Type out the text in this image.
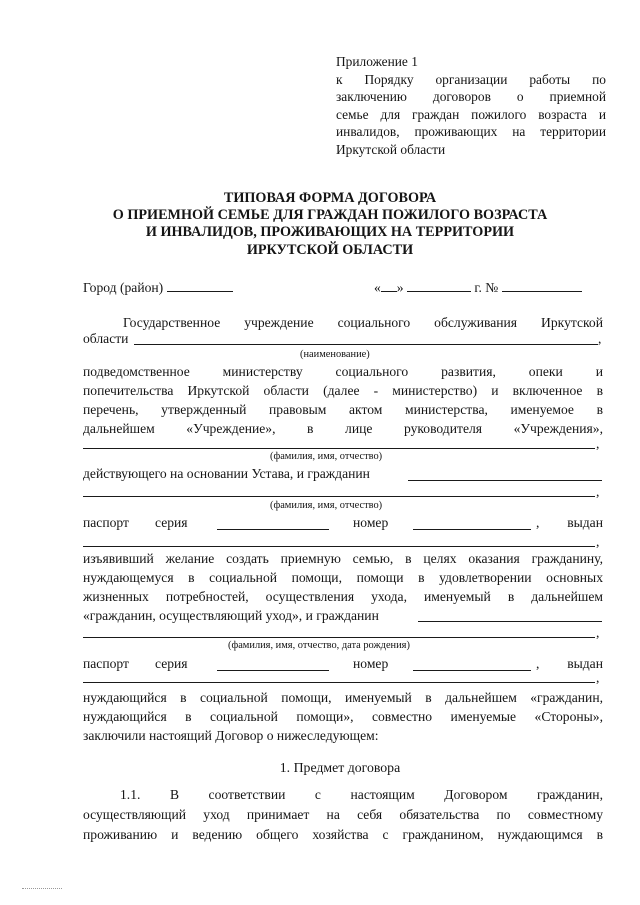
Приложение 1
к Порядку организации работы по
заключению договоров о приемной
семье для граждан пожилого возраста и
инвалидов, проживающих на территории
Иркутской области
ТИПОВАЯ ФОРМА ДОГОВОРА
О ПРИЕМНОЙ СЕМЬЕ ДЛЯ ГРАЖДАН ПОЖИЛОГО ВОЗРАСТА
И ИНВАЛИДОВ, ПРОЖИВАЮЩИХ НА ТЕРРИТОРИИ
ИРКУТСКОЙ ОБЛАСТИ
Город (район)	« »	г. №
Государственное учреждение социального обслуживания Иркутской
области	,
(наименование)
подведомственное министерству социального развития, опеки и
попечительства Иркутской области (далее - министерство) и включенное в
перечень, утвержденный правовым актом министерства, именуемое в
дальнейшем «Учреждение», в лице руководителя «Учреждения»,
,
(фамилия, имя, отчество)
действующего на основании Устава, и гражданин
,
(фамилия, имя, отчество)
паспорт серия	номер	, выдан
,
изъявивший желание создать приемную семью, в целях оказания гражданину,
нуждающемуся в социальной помощи, помощи в удовлетворении основных
жизненных потребностей, осуществления ухода, именуемый в дальнейшем
«гражданин, осуществляющий уход», и гражданин
,
(фамилия, имя, отчество, дата рождения)
паспорт серия	номер	, выдан
,
нуждающийся в социальной помощи, именуемый в дальнейшем «гражданин,
нуждающийся в социальной помощи», совместно именуемые «Стороны»,
заключили настоящий Договор о нижеследующем:
1. Предмет договора
1.1. В соответствии с настоящим Договором гражданин,
осуществляющий уход принимает на себя обязательства по совместному
проживанию и ведению общего хозяйства с гражданином, нуждающимся в
